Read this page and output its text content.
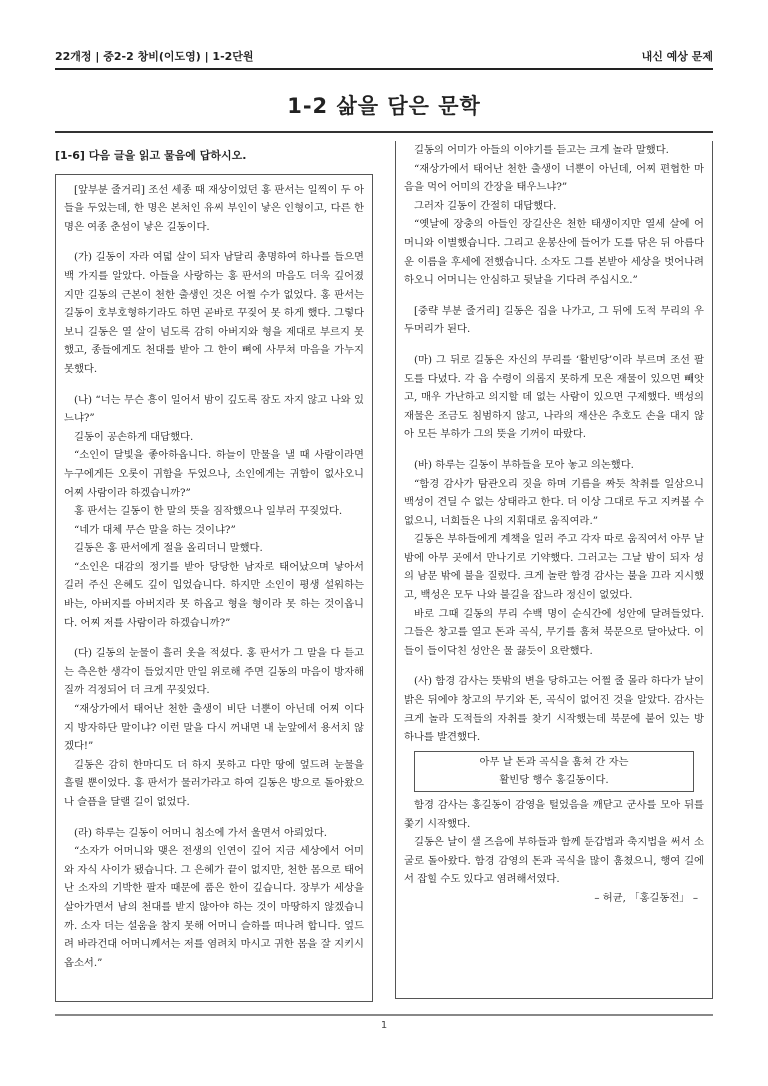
22개정 | 중2-2 창비(이도영) | 1-2단원	내신 예상 문제
1-2 삶을 담은 문학
[1-6] 다음 글을 읽고 물음에 답하시오.

[앞부분 줄거리] 조선 세종 때 재상이었던 홍 판서는 일찍이 두 아들을 두었는데, 한 명은 본처인 유씨 부인이 낳은 인형이고, 다른 한 명은 여종 춘섬이 낳은 길동이다.

(가) 길동이 자라 여덟 살이 되자 남달리 총명하여 하나를 들으면 백 가지를 알았다. 아들을 사랑하는 홍 판서의 마음도 더욱 깊어졌지만 길동의 근본이 천한 출생인 것은 어쩔 수가 없었다. 홍 판서는 길동이 호부호형하기라도 하면 곧바로 꾸짖어 못 하게 했다. 그렇다 보니 길동은 열 살이 넘도록 감히 아버지와 형을 제대로 부르지 못했고, 종들에게도 천대를 받아 그 한이 뼈에 사무쳐 마음을 가누지 못했다.

(나) “너는 무슨 흥이 일어서 밤이 깊도록 잠도 자지 않고 나와 있느냐?”

길동이 공손하게 대답했다.

“소인이 달빛을 좋아하옵니다. 하늘이 만물을 낼 때 사람이라면 누구에게든 오롯이 귀함을 두었으나, 소인에게는 귀함이 없사오니 어찌 사람이라 하겠습니까?”

홍 판서는 길동이 한 말의 뜻을 짐작했으나 일부러 꾸짖었다.

“네가 대체 무슨 말을 하는 것이냐?”

길동은 홍 판서에게 절을 올리더니 말했다.

“소인은 대감의 정기를 받아 당당한 남자로 태어났으며 낳아서 길러 주신 은혜도 깊이 입었습니다. 하지만 소인이 평생 설워하는 바는, 아버지를 아버지라 못 하옵고 형을 형이라 못 하는 것이옵니다. 어찌 저를 사람이라 하겠습니까?”

(다) 길동의 눈물이 흘러 옷을 적셨다. 홍 판서가 그 말을 다 듣고는 측은한 생각이 들었지만 만일 위로해 주면 길동의 마음이 방자해질까 걱정되어 더 크게 꾸짖었다.

“재상가에서 태어난 천한 출생이 비단 너뿐이 아닌데 어찌 이다지 방자하단 말이냐? 이런 말을 다시 꺼내면 내 눈앞에서 용서치 않겠다!”

길동은 감히 한마디도 더 하지 못하고 다만 땅에 엎드려 눈물을 흘릴 뿐이었다. 홍 판서가 물러가라고 하여 길동은 방으로 돌아왔으나 슬픔을 달랠 길이 없었다.

(라) 하루는 길동이 어머니 침소에 가서 울면서 아뢰었다.

“소자가 어머니와 맺은 전생의 인연이 깊어 지금 세상에서 어미와 자식 사이가 됐습니다. 그 은혜가 끝이 없지만, 천한 몸으로 태어난 소자의 기박한 팔자 때문에 품은 한이 깊습니다. 장부가 세상을 살아가면서 남의 천대를 받지 않아야 하는 것이 마땅하지 않겠습니까. 소자 더는 설움을 참지 못해 어머니 슬하를 떠나려 합니다. 엎드려 바라건대 어머니께서는 저를 염려치 마시고 귀한 몸을 잘 지키시옵소서.”

길동의 어미가 아들의 이야기를 듣고는 크게 놀라 말했다.

“재상가에서 태어난 천한 출생이 너뿐이 아닌데, 어찌 편협한 마음을 먹어 어미의 간장을 태우느냐?”

그러자 길동이 간절히 대답했다.

“옛날에 장충의 아들인 장길산은 천한 태생이지만 열세 살에 어머니와 이별했습니다. 그리고 운봉산에 들어가 도를 닦은 뒤 아름다운 이름을 후세에 전했습니다. 소자도 그를 본받아 세상을 벗어나려 하오니 어머니는 안심하고 뒷날을 기다려 주십시오.”

[중략 부분 줄거리] 길동은 집을 나가고, 그 뒤에 도적 무리의 우두머리가 된다.

(마) 그 뒤로 길동은 자신의 무리를 ‘활빈당’이라 부르며 조선 팔도를 다녔다. 각 읍 수령이 의롭지 못하게 모은 재물이 있으면 빼앗고, 매우 가난하고 의지할 데 없는 사람이 있으면 구제했다. 백성의 재물은 조금도 침범하지 않고, 나라의 재산은 추호도 손을 대지 않아 모든 부하가 그의 뜻을 기꺼이 따랐다.

(바) 하루는 길동이 부하들을 모아 놓고 의논했다.

“함경 감사가 탐관오리 짓을 하며 기름을 짜듯 착취를 일삼으니 백성이 견딜 수 없는 상태라고 한다. 더 이상 그대로 두고 지켜볼 수 없으니, 너희들은 나의 지휘대로 움직여라.”

길동은 부하들에게 계책을 일러 주고 각자 따로 움직여서 아무 날 밤에 아무 곳에서 만나기로 기약했다. 그러고는 그날 밤이 되자 성의 남문 밖에 불을 질렀다. 크게 놀란 함경 감사는 불을 끄라 지시했고, 백성은 모두 나와 불길을 잡느라 정신이 없었다.

바로 그때 길동의 무리 수백 명이 순식간에 성안에 달려들었다. 그들은 창고를 열고 돈과 곡식, 무기를 훔쳐 북문으로 달아났다. 이들이 들이닥친 성안은 물 끓듯이 요란했다.

(사) 함경 감사는 뜻밖의 변을 당하고는 어쩔 줄 몰라 하다가 날이 밝은 뒤에야 창고의 무기와 돈, 곡식이 없어진 것을 알았다. 감사는 크게 놀라 도적들의 자취를 찾기 시작했는데 북문에 붙어 있는 방 하나를 발견했다.

아무 날 돈과 곡식을 훔쳐 간 자는
활빈당 행수 홍길동이다.

함경 감사는 홍길동이 감영을 털었음을 깨닫고 군사를 모아 뒤를 쫓기 시작했다.

길동은 날이 샐 즈음에 부하들과 함께 둔갑법과 축지법을 써서 소굴로 돌아왔다. 함경 감영의 돈과 곡식을 많이 훔쳤으니, 행여 길에서 잡힐 수도 있다고 염려해서였다.

– 허균, 「홍길동전」 –

1
